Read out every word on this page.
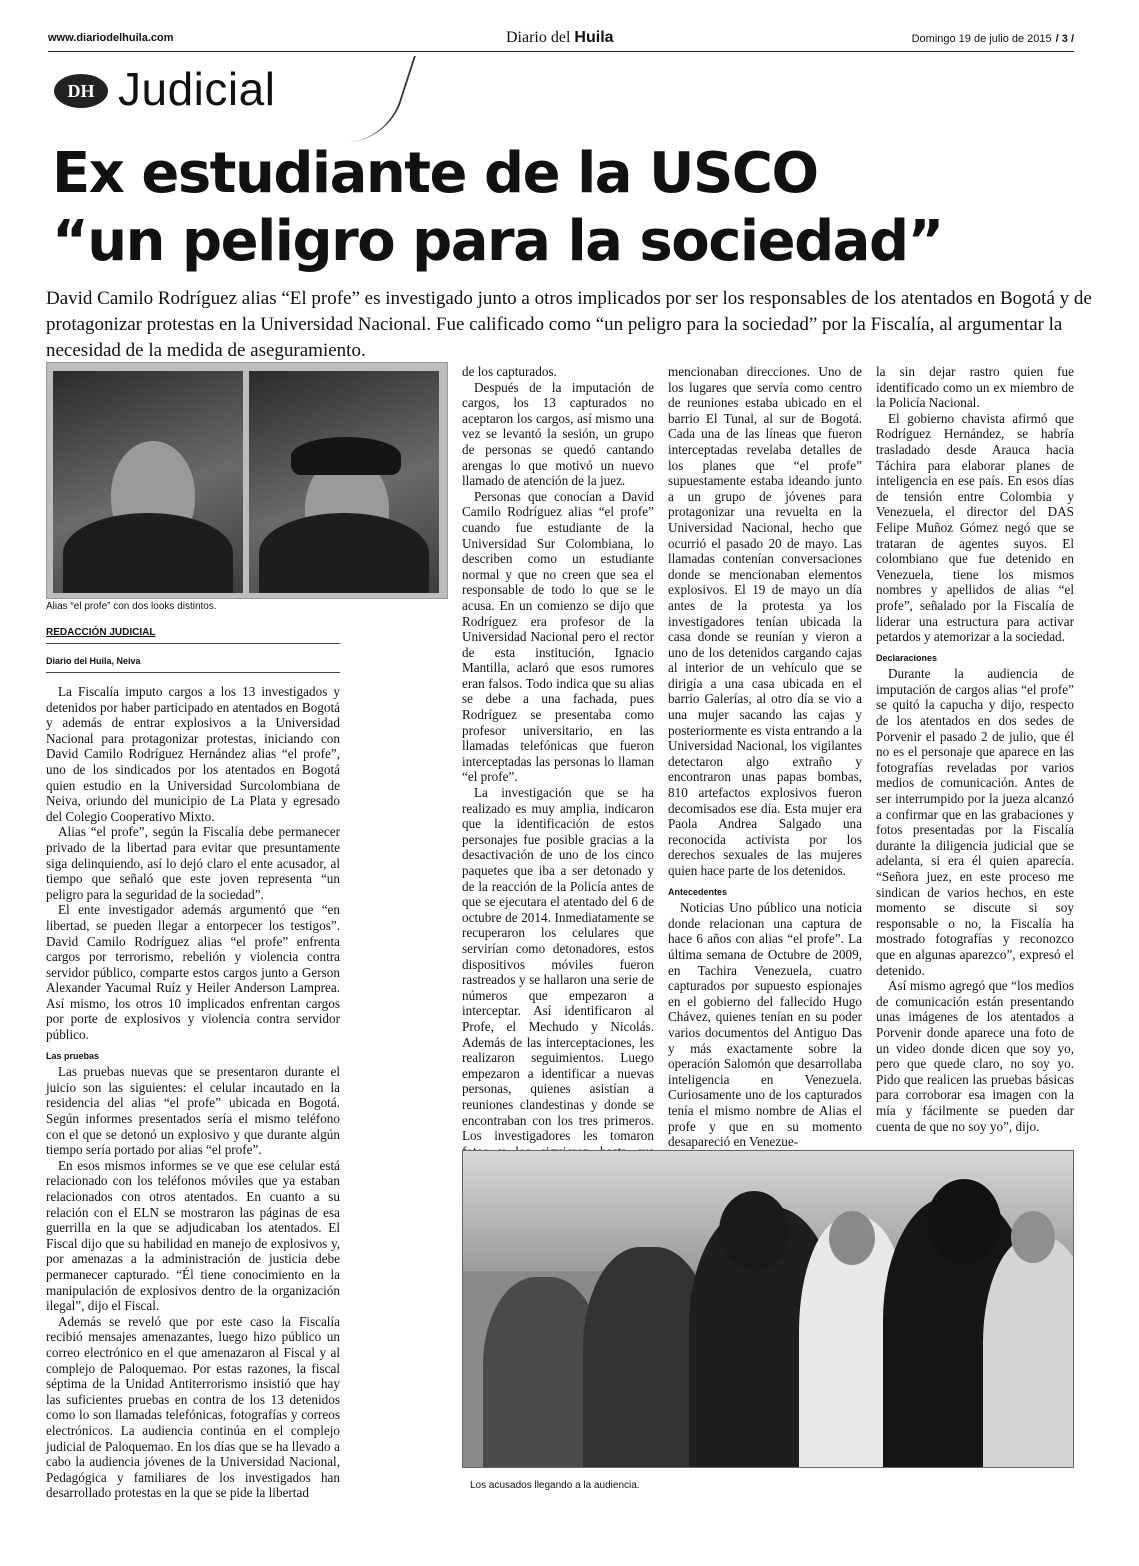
www.diariodelhuila.com	Diario del Huila	Domingo 19 de julio de 2015 / 3 /
DH Judicial
Ex estudiante de la USCO
“un peligro para la sociedad”
David Camilo Rodríguez alias “El profe” es investigado junto a otros implicados por ser los responsables de los atentados en Bogotá y de protagonizar protestas en la Universidad Nacional. Fue calificado como “un peligro para la sociedad” por la Fiscalía, al argumentar la necesidad de la medida de aseguramiento.
Alias “el profe” con dos looks distintos.
REDACCIÓN JUDICIAL
Diario del Huila, Neiva

La Fiscalía imputo cargos a los 13 investigados y detenidos por haber participado en atentados en Bogotá y además de entrar explosivos a la Universidad Nacional para protagonizar protestas, iniciando con David Camilo Rodríguez Hernández alias “el profe”, uno de los sindicados por los atentados en Bogotá quien estudio en la Universidad Surcolombiana de Neiva, oriundo del municipio de La Plata y egresado del Colegio Cooperativo Mixto.

Alias “el profe”, según la Fiscalía debe permanecer privado de la libertad para evitar que presuntamente siga delinquiendo, así lo dejó claro el ente acusador, al tiempo que señaló que este joven representa “un peligro para la seguridad de la sociedad”.

El ente investigador además argumentó que “en libertad, se pueden llegar a entorpecer los testigos”. David Camilo Rodríguez alias “el profe” enfrenta cargos por terrorismo, rebelión y violencia contra servidor público, comparte estos cargos junto a Gerson Alexander Yacumal Ruíz y Heiler Anderson Lamprea. Así mismo, los otros 10 implicados enfrentan cargos por porte de explosivos y violencia contra servidor público.

Las pruebas

Las pruebas nuevas que se presentaron durante el juicio son las siguientes: el celular incautado en la residencia del alias “el profe” ubicada en Bogotá. Según informes presentados sería el mismo teléfono con el que se detonó un explosivo y que durante algún tiempo sería portado por alias “el profe”.

En esos mismos informes se ve que ese celular está relacionado con los teléfonos móviles que ya estaban relacionados con otros atentados. En cuanto a su relación con el ELN se mostraron las páginas de esa guerrilla en la que se adjudicaban los atentados. El Fiscal dijo que su habilidad en manejo de explosivos y, por amenazas a la administración de justicia debe permanecer capturado. “Él tiene conocimiento en la manipulación de explosivos dentro de la organización ilegal”, dijo el Fiscal.

Además se reveló que por este caso la Fiscalía recibió mensajes amenazantes, luego hizo público un correo electrónico en el que amenazaron al Fiscal y al complejo de Paloquemao. Por estas razones, la fiscal séptima de la Unidad Antiterrorismo insistió que hay las suficientes pruebas en contra de los 13 detenidos como lo son llamadas telefónicas, fotografías y correos electrónicos. La audiencia continúa en el complejo judicial de Paloquemao. En los días que se ha llevado a cabo la audiencia jóvenes de la Universidad Nacional, Pedagógica y familiares de los investigados han desarrollado protestas en la que se pide la libertad

de los capturados.

Después de la imputación de cargos, los 13 capturados no aceptaron los cargos, así mismo una vez se levantó la sesión, un grupo de personas se quedó cantando arengas lo que motivó un nuevo llamado de atención de la juez.

Personas que conocían a David Camilo Rodríguez alias “el profe” cuando fue estudiante de la Universidad Sur Colombiana, lo describen como un estudiante normal y que no creen que sea el responsable de todo lo que se le acusa. En un comienzo se dijo que Rodríguez era profesor de la Universidad Nacional pero el rector de esta institución, Ignacio Mantilla, aclaró que esos rumores eran falsos. Todo indica que su alias se debe a una fachada, pues Rodríguez se presentaba como profesor universitario, en las llamadas telefónicas que fueron interceptadas las personas lo llaman “el profe”.

La investigación que se ha realizado es muy amplia, indicaron que la identificación de estos personajes fue posible gracias a la desactivación de uno de los cinco paquetes que iba a ser detonado y de la reacción de la Policía antes de que se ejecutara el atentado del 6 de octubre de 2014. Inmediatamente se recuperaron los celulares que servirían como detonadores, estos dispositivos móviles fueron rastreados y se hallaron una serie de números que empezaron a interceptar. Así identificaron al Profe, el Mechudo y Nicolás. Además de las interceptaciones, les realizaron seguimientos. Luego empezaron a identificar a nuevas personas, quienes asistían a reuniones clandestinas y donde se encontraban con los tres primeros. Los investigadores les tomaron

mencionaban direcciones. Uno de los lugares que servía como centro de reuniones estaba ubicado en el barrio El Tunal, al sur de Bogotá. Cada una de las líneas que fueron interceptadas revelaba detalles de los planes que “el profe” supuestamente estaba ideando junto a un grupo de jóvenes para protagonizar una revuelta en la Universidad Nacional, hecho que ocurrió el pasado 20 de mayo. Las llamadas contenían conversaciones donde se mencionaban elementos explosivos. El 19 de mayo un día antes de la protesta ya los investigadores tenían ubicada la casa donde se reunían y vieron a uno de los detenidos cargando cajas al interior de un vehículo que se dirigía a una casa ubicada en el barrio Galerías, al otro día se vio a una mujer sacando las cajas y posteriormente es vista entrando a la Universidad Nacional, los vigilantes detectaron algo extraño y encontraron unas papas bombas, 810 artefactos explosivos fueron decomisados ese día. Esta mujer era Paola Andrea Salgado una reconocida activista por los derechos sexuales de las mujeres quien hace parte de los detenidos.

Antecedentes

Noticias Uno público una noticia donde relacionan una captura de hace 6 años con alias “el profe”. La última semana de Octubre de 2009, en Tachira Venezuela, cuatro capturados por supuesto espionajes en el gobierno del fallecido Hugo Chávez, quienes tenían en su poder varios documentos del Antiguo Das y más exactamente sobre la operación Salomón que desarrollaba inteligencia en Venezuela. Curiosamente uno de los capturados tenía el mismo nombre de Alias el profe y que en su momento desapareció en Venezue-

la sin dejar rastro quien fue identificado como un ex miembro de la Policía Nacional.

El gobierno chavista afirmó que Rodríguez Hernández, se habría trasladado desde Arauca hacia Táchira para elaborar planes de inteligencia en ese país. En esos días de tensión entre Colombia y Venezuela, el director del DAS Felipe Muñoz Gómez negó que se trataran de agentes suyos. El colombiano que fue detenido en Venezuela, tiene los mismos nombres y apellidos de alias “el profe”, señalado por la Fiscalía de liderar una estructura para activar petardos y atemorizar a la sociedad.

Declaraciones

Durante la audiencia de imputación de cargos alias “el profe” se quitó la capucha y dijo, respecto de los atentados en dos sedes de Porvenir el pasado 2 de julio, que él no es el personaje que aparece en las fotografías reveladas por varios medios de comunicación. Antes de ser interrumpido por la jueza alcanzó a confirmar que en las grabaciones y fotos presentadas por la Fiscalía durante la diligencia judicial que se adelanta, si era él quien aparecía. “Señora juez, en este proceso me sindican de varios hechos, en este momento se discute si soy responsable o no, la Fiscalía ha mostrado fotografías y reconozco que en algunas aparezco”, expresó el detenido.

Así mismo agregó que “los medios de comunicación están presentando unas imágenes de los atentados a Porvenir donde aparece una foto de un video donde dicen que soy yo, pero que quede claro, no soy yo. Pido que realicen las pruebas básicas para corroborar esa imagen con la mía y fácilmente se pueden dar cuenta de que no soy yo”, dijo.

Los acusados llegando a la audiencia.
